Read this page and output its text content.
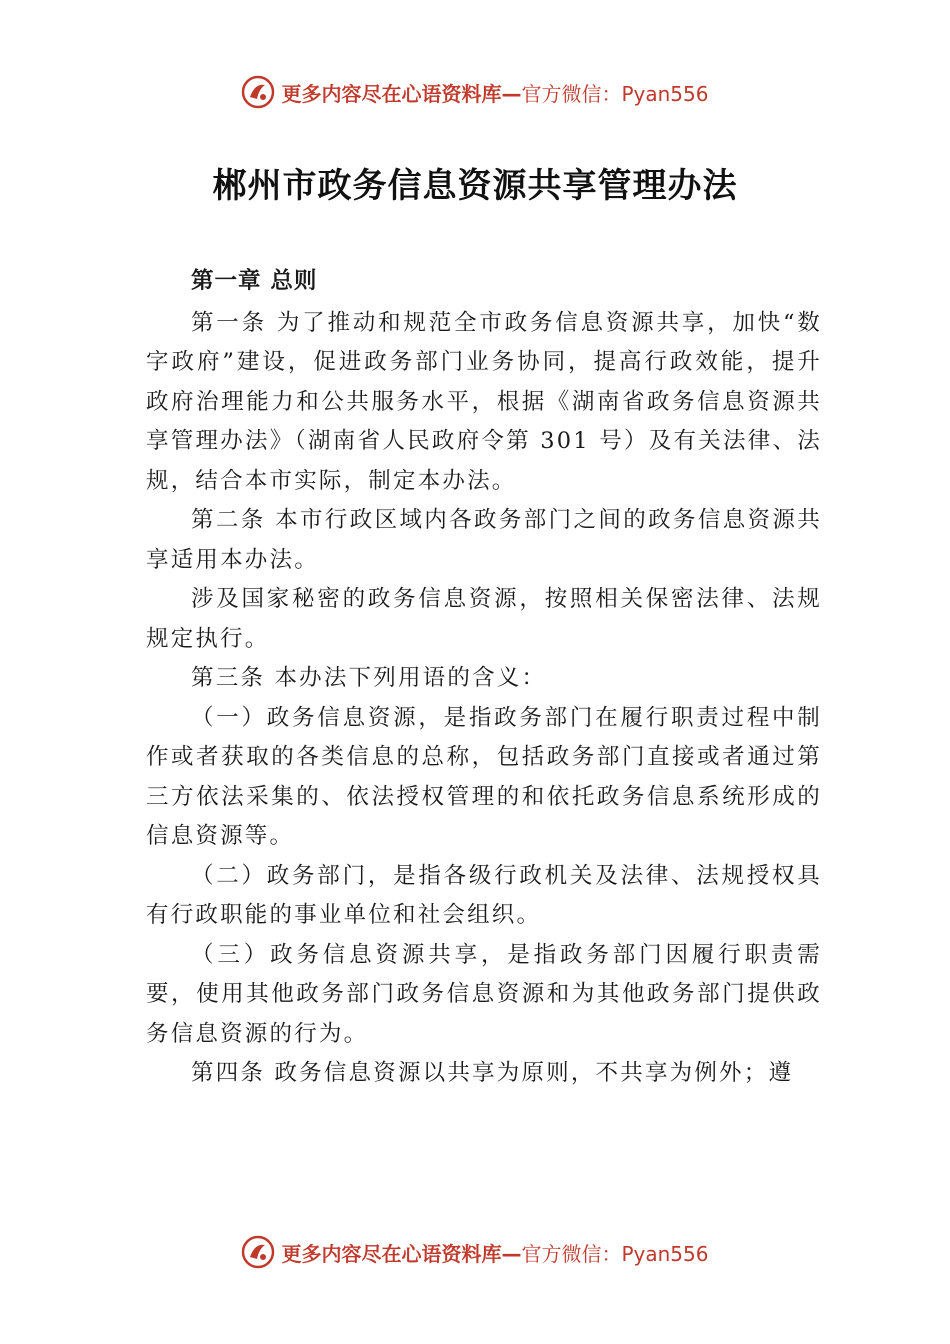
更多内容尽在心语资料库—官方微信：Pyan556
郴州市政务信息资源共享管理办法

第一章 总则

第一条 为了推动和规范全市政务信息资源共享，加快“数字政府”建设，促进政务部门业务协同，提高行政效能，提升政府治理能力和公共服务水平，根据《湖南省政务信息资源共享管理办法》（湖南省人民政府令第 301 号）及有关法律、法规，结合本市实际，制定本办法。

第二条 本市行政区域内各政务部门之间的政务信息资源共享适用本办法。

涉及国家秘密的政务信息资源，按照相关保密法律、法规规定执行。

第三条 本办法下列用语的含义：

（一）政务信息资源，是指政务部门在履行职责过程中制作或者获取的各类信息的总称，包括政务部门直接或者通过第三方依法采集的、依法授权管理的和依托政务信息系统形成的信息资源等。

（二）政务部门，是指各级行政机关及法律、法规授权具有行政职能的事业单位和社会组织。

（三）政务信息资源共享，是指政务部门因履行职责需要，使用其他政务部门政务信息资源和为其他政务部门提供政务信息资源的行为。

第四条 政务信息资源以共享为原则，不共享为例外；遵

更多内容尽在心语资料库—官方微信：Pyan556
